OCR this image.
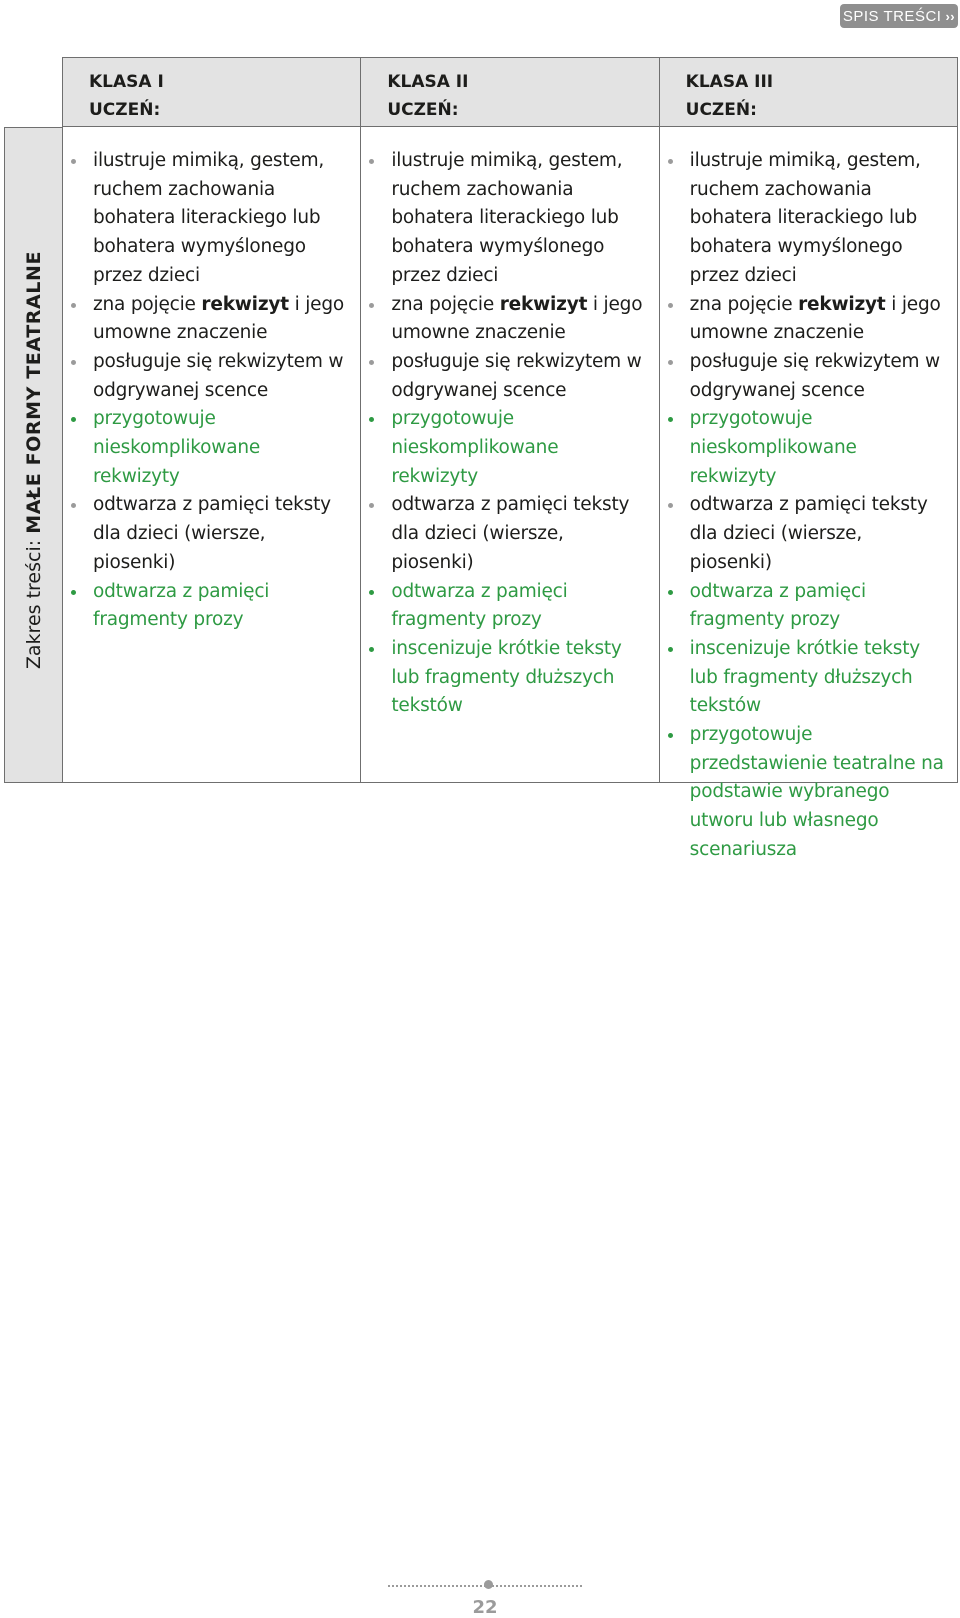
SPIS TREŚCI ››
KLASA I
UCZEŃ:
KLASA II
UCZEŃ:
KLASA III
UCZEŃ:
Zakres treści: MAŁE FORMY TEATRALNE
ilustruje mimiką, gestem, ruchem zachowania bohatera literackiego lub bohatera wymyślonego przez dzieci
zna pojęcie rekwizyt i jego umowne znaczenie
posługuje się rekwizytem w odgrywanej scence
przygotowuje nieskomplikowane rekwizyty
odtwarza z pamięci teksty dla dzieci (wiersze, piosenki)
odtwarza z pamięci fragmenty prozy
ilustruje mimiką, gestem, ruchem zachowania bohatera literackiego lub bohatera wymyślonego przez dzieci
zna pojęcie rekwizyt i jego umowne znaczenie
posługuje się rekwizytem w odgrywanej scence
przygotowuje nieskomplikowane rekwizyty
odtwarza z pamięci teksty dla dzieci (wiersze, piosenki)
odtwarza z pamięci fragmenty prozy
inscenizuje krótkie teksty lub fragmenty dłuższych tekstów
ilustruje mimiką, gestem, ruchem zachowania bohatera literackiego lub bohatera wymyślonego przez dzieci
zna pojęcie rekwizyt i jego umowne znaczenie
posługuje się rekwizytem w odgrywanej scence
przygotowuje nieskomplikowane rekwizyty
odtwarza z pamięci teksty dla dzieci (wiersze, piosenki)
odtwarza z pamięci fragmenty prozy
inscenizuje krótkie teksty lub fragmenty dłuższych tekstów
przygotowuje przedstawienie teatralne na podstawie wybranego utworu lub własnego scenariusza
22
